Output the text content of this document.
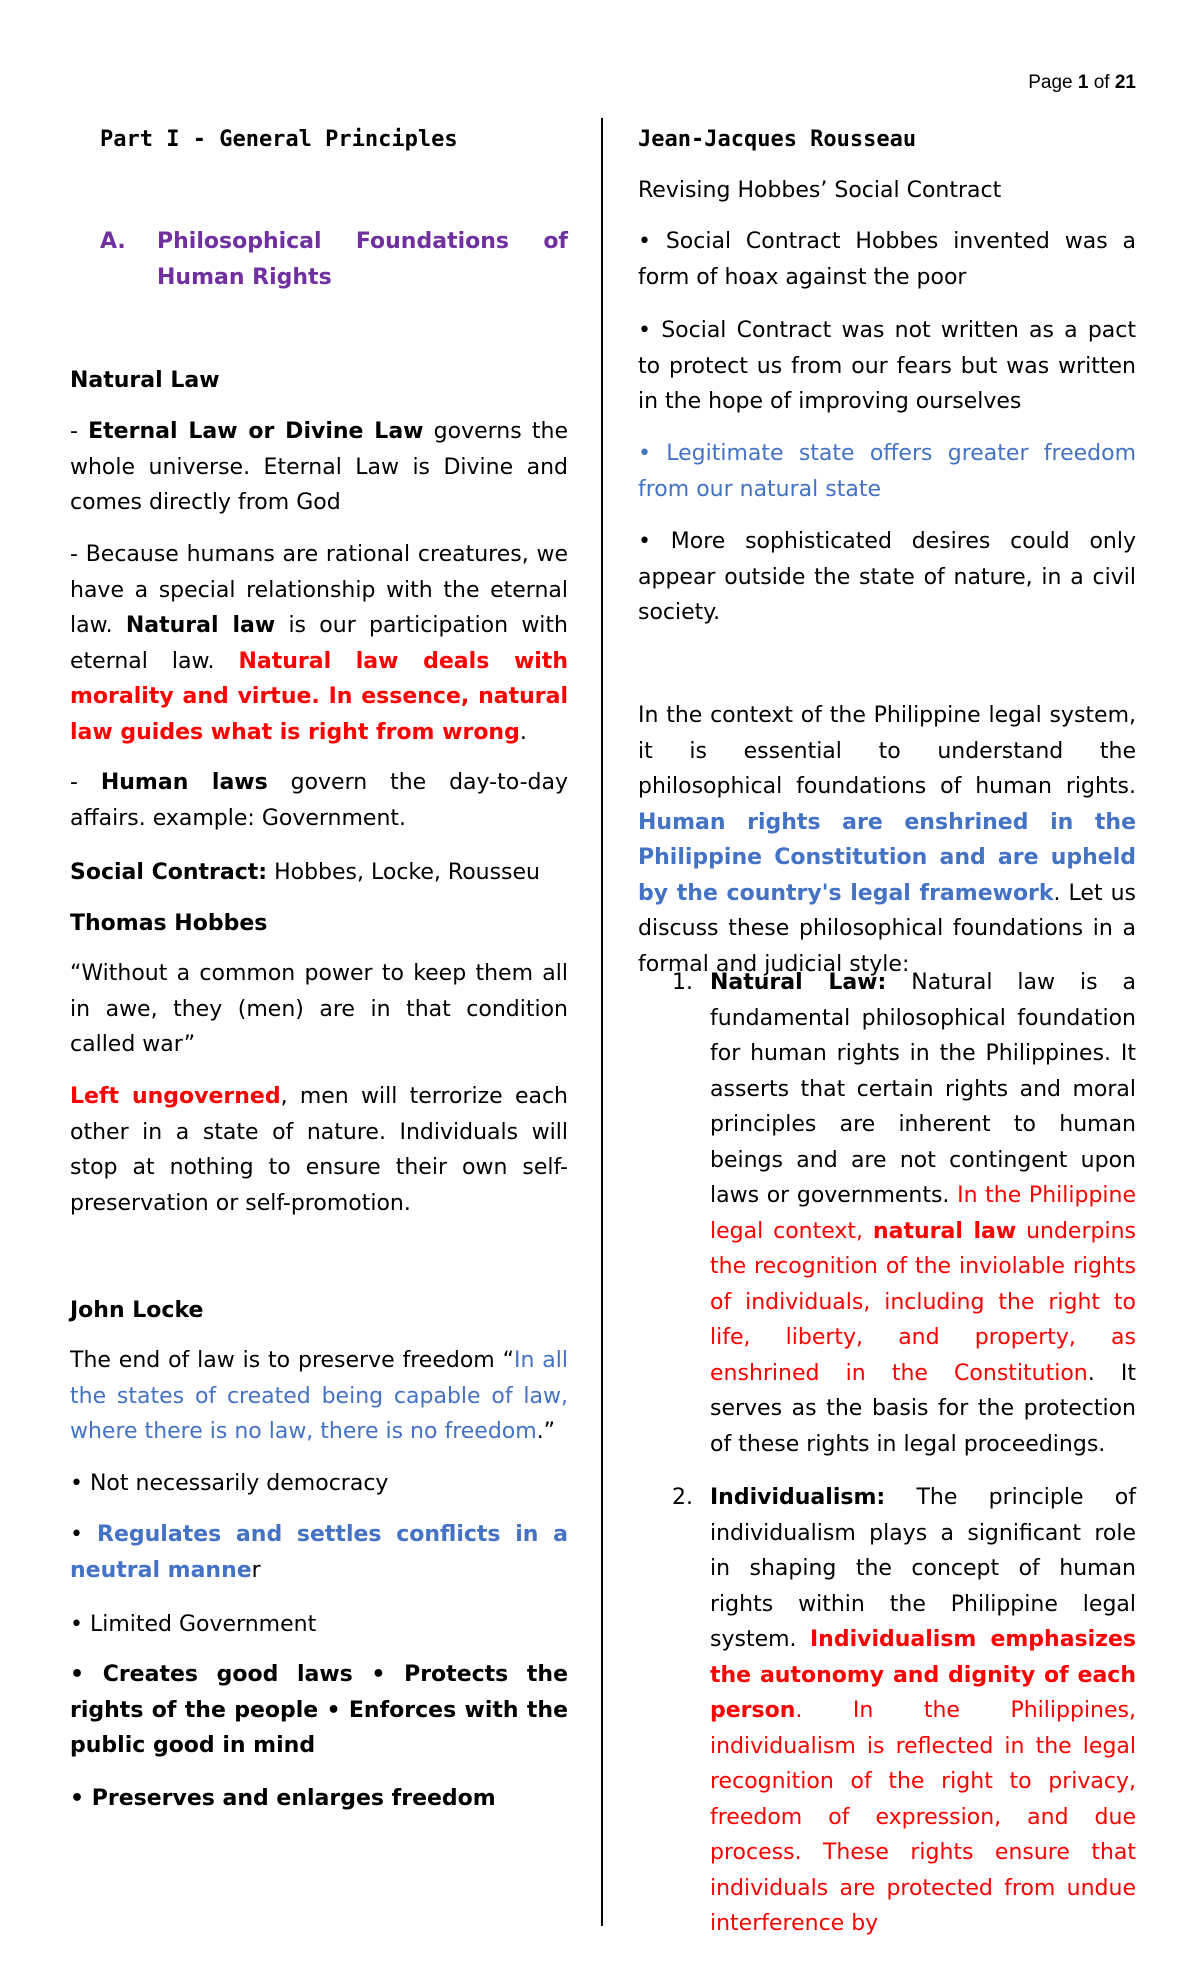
Page 1 of 21
Part I - General Principles
A. Philosophical Foundations of Human Rights
Natural Law
- Eternal Law or Divine Law governs the whole universe. Eternal Law is Divine and comes directly from God
- Because humans are rational creatures, we have a special relationship with the eternal law. Natural law is our participation with eternal law. Natural law deals with morality and virtue. In essence, natural law guides what is right from wrong.
- Human laws govern the day-to-day affairs. example: Government.
Social Contract: Hobbes, Locke, Rousseu
Thomas Hobbes
“Without a common power to keep them all in awe, they (men) are in that condition called war”
Left ungoverned, men will terrorize each other in a state of nature. Individuals will stop at nothing to ensure their own self-preservation or self-promotion.
John Locke
The end of law is to preserve freedom “In all the states of created being capable of law, where there is no law, there is no freedom.”
• Not necessarily democracy
• Regulates and settles conflicts in a neutral manner
• Limited Government
• Creates good laws • Protects the rights of the people • Enforces with the public good in mind
• Preserves and enlarges freedom
Jean-Jacques Rousseau
Revising Hobbes’ Social Contract
• Social Contract Hobbes invented was a form of hoax against the poor
• Social Contract was not written as a pact to protect us from our fears but was written in the hope of improving ourselves
• Legitimate state offers greater freedom from our natural state
• More sophisticated desires could only appear outside the state of nature, in a civil society.
In the context of the Philippine legal system, it is essential to understand the philosophical foundations of human rights. Human rights are enshrined in the Philippine Constitution and are upheld by the country's legal framework. Let us discuss these philosophical foundations in a formal and judicial style:
1. Natural Law: Natural law is a fundamental philosophical foundation for human rights in the Philippines. It asserts that certain rights and moral principles are inherent to human beings and are not contingent upon laws or governments. In the Philippine legal context, natural law underpins the recognition of the inviolable rights of individuals, including the right to life, liberty, and property, as enshrined in the Constitution. It serves as the basis for the protection of these rights in legal proceedings.
2. Individualism: The principle of individualism plays a significant role in shaping the concept of human rights within the Philippine legal system. Individualism emphasizes the autonomy and dignity of each person. In the Philippines, individualism is reflected in the legal recognition of the right to privacy, freedom of expression, and due process. These rights ensure that individuals are protected from undue interference by
